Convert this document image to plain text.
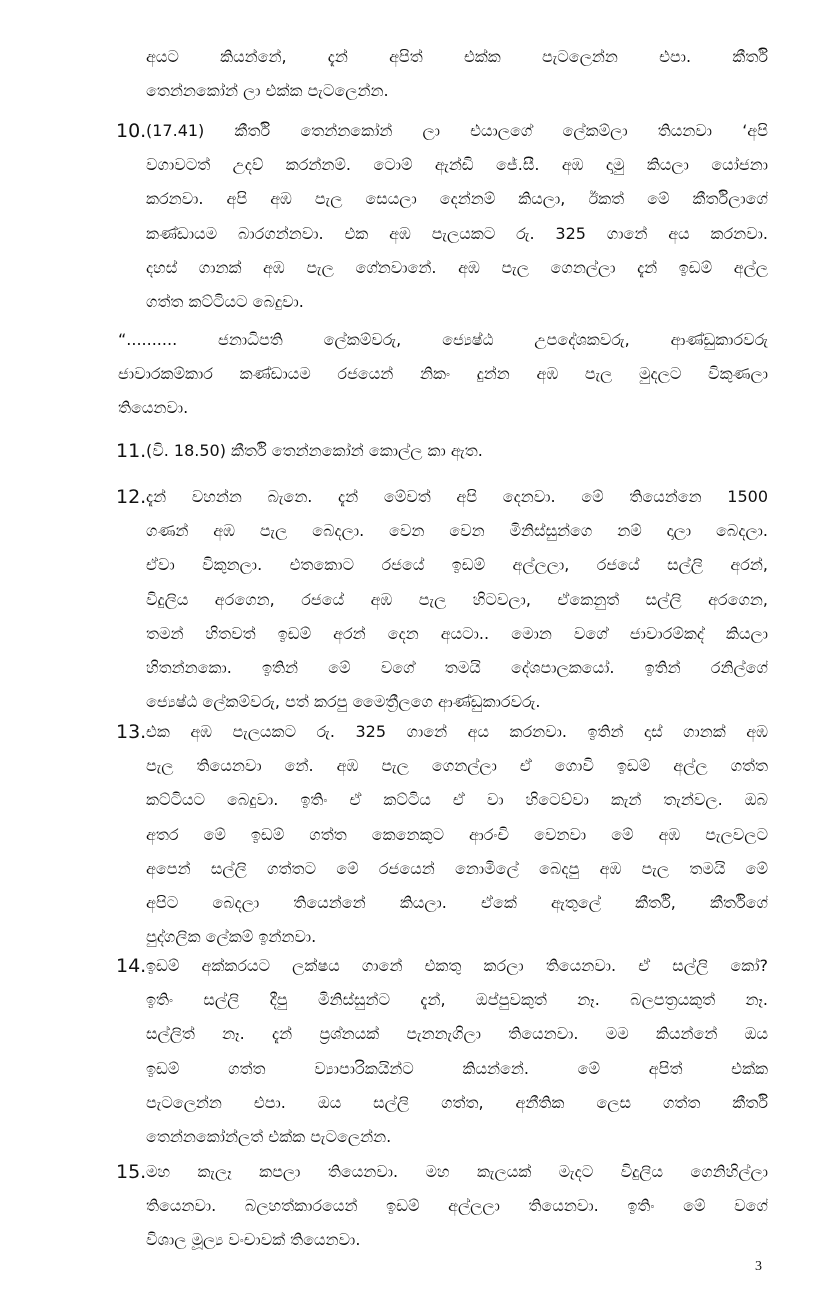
අයට කියන්නේ, දැන් අපිත් එක්ක පැටලෙන්න එපා. කීර්ති
තෙන්නකෝන් ලා එක්ක පැටලෙන්න.
10. (17.41) කීර්ති තෙන්නකෝන් ලා එයාලගේ ලේකම්ලා තියනවා ‘අපි
වගාවටත් උදව් කරන්නම්. ටොම් ඇන්ඩි ජේ.සී. අඹ දාමු කියලා යෝජනා
කරනවා. අපි අඹ පැල සෙයලා දෙන්නම් කියලා, ඊකත් මේ කීර්තිලාගේ
කණ්ඩායම බාරගන්නවා. එක අඹ පැලයකට රු. 325 ගානේ අය කරනවා.
දහස් ගානක් අඹ පැල ගේනවානේ. අඹ පැල ගෙනල්ලා දැන් ඉඩම් අල්ල
ගත්ත කට්ටියට බෙදුවා.
“.......... ජනාධිපති ලේකම්වරු, ජ්‍යෙෂ්ඨ උපදේශකවරු, ආණ්ඩුකාරවරු
ජාවාරකම්කාර කණ්ඩායම රජයෙන් නිකං දුන්න අඹ පැල මුදලට විකුණලා
තියෙනවා.
11. (වි. 18.50) කීර්ති තෙන්නකෝන් කොල්ල කා ඇත.
12. දැන් වහන්න බැනෙ. දැන් මේවත් අපි දෙනවා. මේ තියෙන්නෙ 1500
ගණන් අඹ පැල බෙදලා. වෙන වෙන මිනිස්සුන්ගෙ නම් දාලා බෙදලා.
ඒවා විකුනලා. එතකොට රජයේ ඉඩම් අල්ලලා, රජයේ සල්ලි අරන්,
විදුලිය අරගෙන, රජයේ අඹ පැල හිටවලා, ඒකෙනුත් සල්ලි අරගෙන,
තමන් හිතවත් ඉඩම් අරන් දෙන අයටා.. මොන වගේ ජාවාරම්කද් කියලා
හිතන්නකො. ඉතින් මේ වගේ තමයි දේශපාලකයෝ. ඉතින් රනිල්ගේ
ජ්‍යෙෂ්ඨ ලේකම්වරු, පත් කරපු මෛත්‍රීලගෙ ආණ්ඩුකාරවරු.
13. එක අඹ පැලයකට රු. 325 ගානේ අය කරනවා. ඉතින් දාස් ගානක් අඹ
පැල තියෙනවා නේ. අඹ පැල ගෙනල්ලා ඒ ගොවි ඉඩම් අල්ල ගත්ත
කට්ටියට බෙදුවා. ඉතිං ඒ කට්ටිය ඒ වා හිටෙව්වා කැන් තැන්වල. ඔබ
අතර මේ ඉඩම් ගත්ත කෙනෙකුට ආරංචි වෙනවා මේ අඹ පැලවලට
අපෙන් සල්ලි ගත්තට මේ රජයෙන් නොමිලේ බෙදපු අඹ පැල තමයි මේ
අපිට බෙදලා තියෙන්නේ කියලා. ඒකේ ඇතුලේ කීර්ති, කීර්තිගේ
පුද්ගලික ලේකම් ඉන්නවා.
14. ඉඩම් අක්කරයට ලක්ෂය ගානේ එකතු කරලා තියෙනවා. ඒ සල්ලි කෝ?
ඉතිං සල්ලි දීපු මිනිස්සුන්ට දැන්, ඔප්පුවකුත් නෑ. බලපත්‍රයකුත් නෑ.
සල්ලිත් නෑ. දැන් ප්‍රශ්නයක් පැනනැගිලා තියෙනවා. මම කියන්නේ ඔය
ඉඩම් ගත්ත ව්‍යාපාරිකයින්ට කියන්නේ. මේ අපිත් එක්ක
පැටලෙන්න එපා. ඔය සල්ලි ගත්ත, අනීතික ලෙස ගත්ත කීර්ති
තෙන්නකෝන්ලත් එක්ක පැටලෙන්න.
15. මහ කැලෑ කපලා තියෙනවා. මහ කැලයක් මැදට විදුලිය ගෙනිහිල්ලා
තියෙනවා. බලහත්කාරයෙන් ඉඩම් අල්ලලා තියෙනවා. ඉතිං මේ වගේ
විශාල මූල්‍ය වංචාවක් තියෙනවා.
3
